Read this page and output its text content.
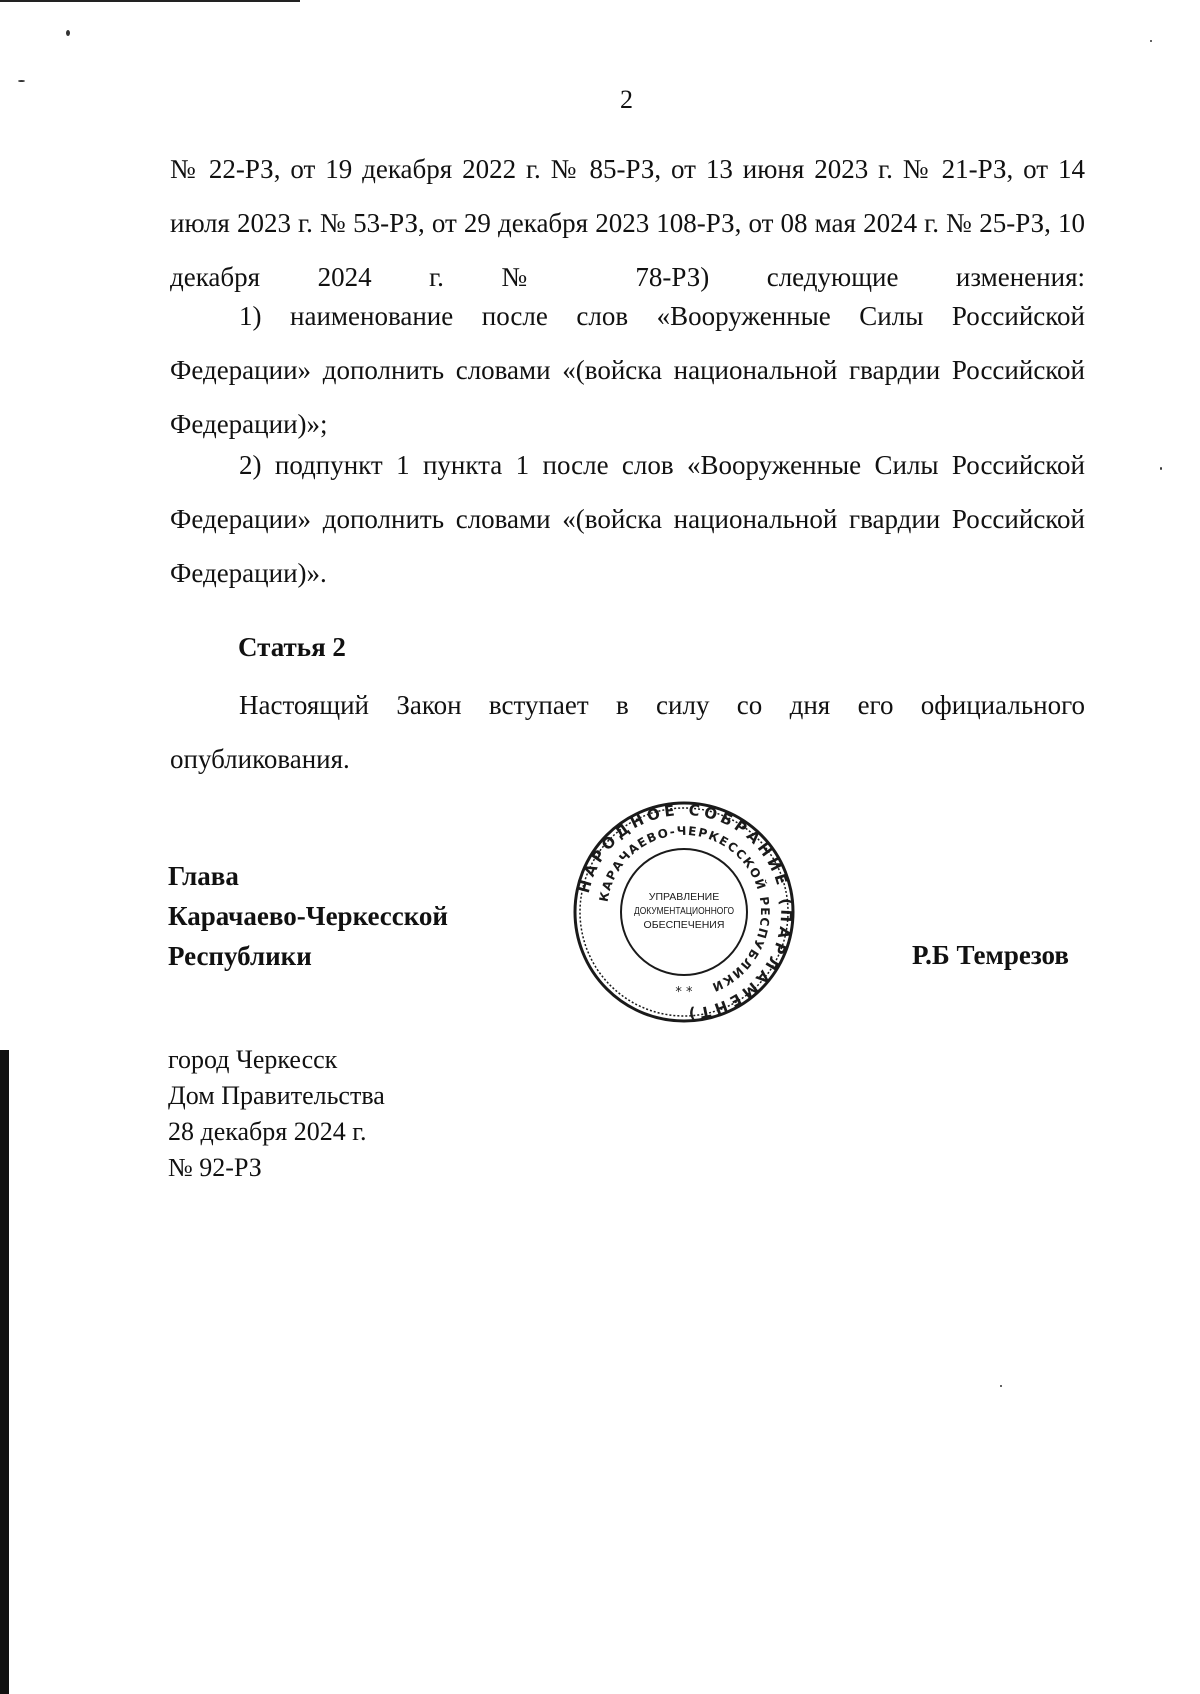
2

№ 22-РЗ, от 19 декабря 2022 г. № 85-РЗ, от 13 июня 2023 г. № 21-РЗ, от 14 июля 2023 г. № 53-РЗ, от 29 декабря 2023 108-РЗ, от 08 мая 2024 г. № 25-РЗ, 10 декабря 2024 г. № 78-РЗ) следующие изменения:

1) наименование после слов «Вооруженные Силы Российской Федерации» дополнить словами «(войска национальной гвардии Российской Федерации)»;

2) подпункт 1 пункта 1 после слов «Вооруженные Силы Российской Федерации» дополнить словами «(войска национальной гвардии Российской Федерации)».

Статья 2

Настоящий Закон вступает в силу со дня его официального опубликования.

Глава
Карачаево-Черкесской
Республики
НАРОДНОЕ СОБРАНИЕ (ПАРЛАМЕНТ)
КАРАЧАЕВО-ЧЕРКЕССКОЙ РЕСПУБЛИКИ
УПРАВЛЕНИЕ
ДОКУМЕНТАЦИОННОГО
ОБЕСПЕЧЕНИЯ
* *
Р.Б Темрезов
город Черкесск
Дом Правительства
28 декабря 2024 г.
№ 92-РЗ
